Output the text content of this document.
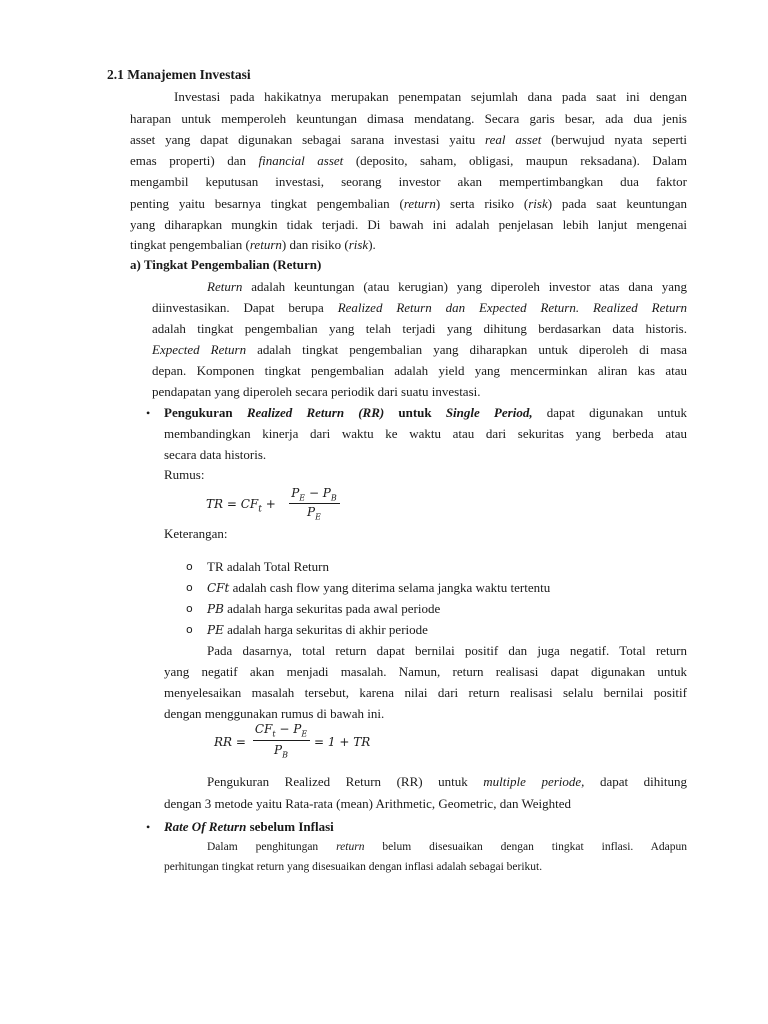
2.1 Manajemen Investasi
Investasi pada hakikatnya merupakan penempatan sejumlah dana pada saat ini dengan
harapan untuk memperoleh keuntungan dimasa mendatang. Secara garis besar, ada dua jenis
asset yang dapat digunakan sebagai sarana investasi yaitu real asset (berwujud nyata seperti
emas properti) dan financial asset (deposito, saham, obligasi, maupun reksadana). Dalam
mengambil keputusan investasi, seorang investor akan mempertimbangkan dua faktor
penting yaitu besarnya tingkat pengembalian (return) serta risiko (risk) pada saat keuntungan
yang diharapkan mungkin tidak terjadi. Di bawah ini adalah penjelasan lebih lanjut mengenai
tingkat pengembalian (return) dan risiko (risk).
a) Tingkat Pengembalian (Return)
Return adalah keuntungan (atau kerugian) yang diperoleh investor atas dana yang
diinvestasikan. Dapat berupa Realized Return dan Expected Return. Realized Return
adalah tingkat pengembalian yang telah terjadi yang dihitung berdasarkan data historis.
Expected Return adalah tingkat pengembalian yang diharapkan untuk diperoleh di masa
depan. Komponen tingkat pengembalian adalah yield yang mencerminkan aliran kas atau
pendapatan yang diperoleh secara periodik dari suatu investasi.
• Pengukuran Realized Return (RR) untuk Single Period, dapat digunakan untuk
membandingkan kinerja dari waktu ke waktu atau dari sekuritas yang berbeda atau
secara data historis.
Rumus:
TR = $CF_t$ +
$P_E - P_B$
$P_E$
Keterangan:
o TR adalah Total Return
o CFt adalah cash flow yang diterima selama jangka waktu tertentu
o PB adalah harga sekuritas pada awal periode
o PE adalah harga sekuritas di akhir periode
Pada dasarnya, total return dapat bernilai positif dan juga negatif. Total return
yang negatif akan menjadi masalah. Namun, return realisasi dapat digunakan untuk
menyelesaikan masalah tersebut, karena nilai dari return realisasi selalu bernilai positif
dengan menggunakan rumus di bawah ini.
RR =
$CF_t - P_E$
$P_B$
= 1 + TR
Pengukuran Realized Return (RR) untuk multiple periode, dapat dihitung
dengan 3 metode yaitu Rata-rata (mean) Arithmetic, Geometric, dan Weighted
• Rate Of Return sebelum Inflasi
Dalam penghitungan return belum disesuaikan dengan tingkat inflasi. Adapun
perhitungan tingkat return yang disesuaikan dengan inflasi adalah sebagai berikut.
